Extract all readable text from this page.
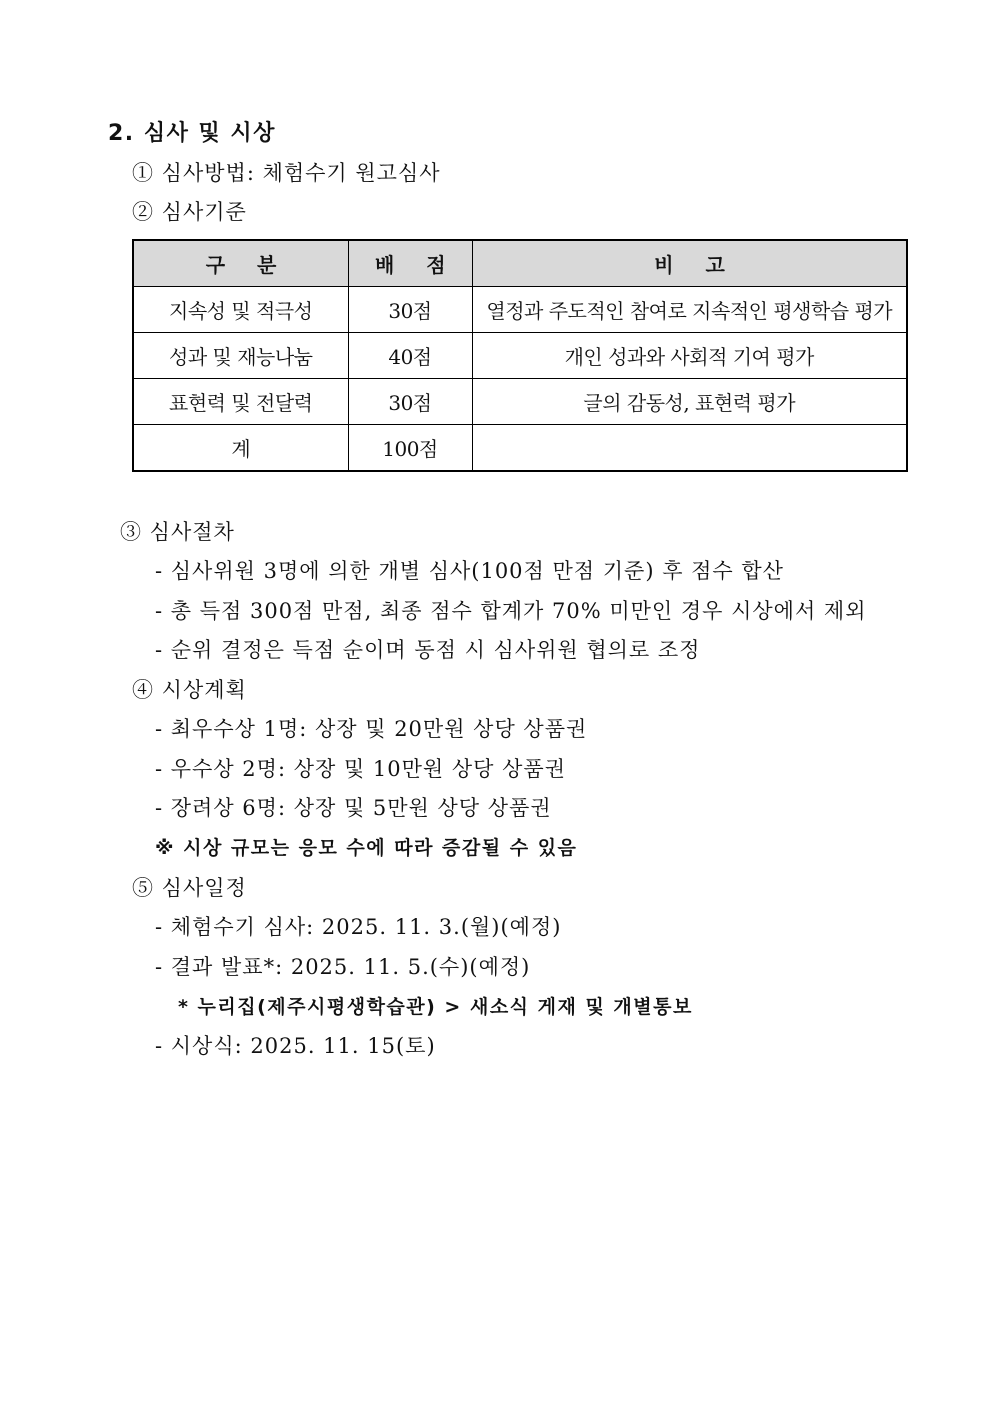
2. 심사 및 시상
① 심사방법: 체험수기 원고심사
② 심사기준
구 분	배 점	비 고
지속성 및 적극성	30점	열정과 주도적인 참여로 지속적인 평생학습 평가
성과 및 재능나눔	40점	개인 성과와 사회적 기여 평가
표현력 및 전달력	30점	글의 감동성, 표현력 평가
계	100점	
③ 심사절차
- 심사위원 3명에 의한 개별 심사(100점 만점 기준) 후 점수 합산
- 총 득점 300점 만점, 최종 점수 합계가 70% 미만인 경우 시상에서 제외
- 순위 결정은 득점 순이며 동점 시 심사위원 협의로 조정
④ 시상계획
- 최우수상 1명: 상장 및 20만원 상당 상품권
- 우수상 2명: 상장 및 10만원 상당 상품권
- 장려상 6명: 상장 및 5만원 상당 상품권
※ 시상 규모는 응모 수에 따라 증감될 수 있음
⑤ 심사일정
- 체험수기 심사: 2025. 11. 3.(월)(예정)
- 결과 발표*: 2025. 11. 5.(수)(예정)
* 누리집(제주시평생학습관) > 새소식 게재 및 개별통보
- 시상식: 2025. 11. 15(토)
